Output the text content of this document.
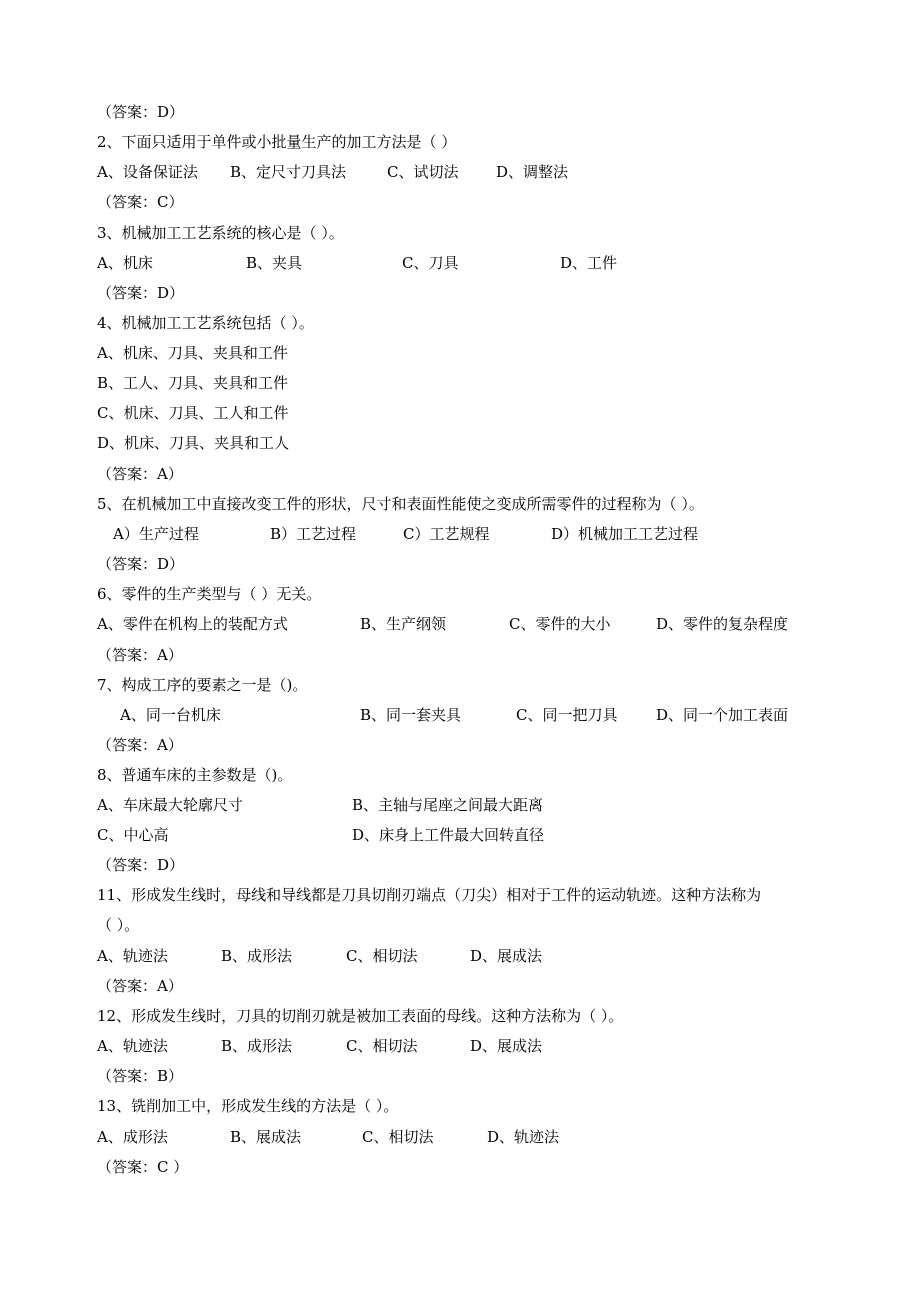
（答案：D）
2、下面只适用于单件或小批量生产的加工方法是（ ）
A、设备保证法 B、定尺寸刀具法	C、试切法	D、调整法
（答案：C）
3、机械加工工艺系统的核心是（ ）。
A、机床	B、夹具	C、刀具	D、工件
（答案：D）
4、机械加工工艺系统包括（ ）。
A、机床、刀具、夹具和工件
B、工人、刀具、夹具和工件
C、机床、刀具、工人和工件
D、机床、刀具、夹具和工人
（答案：A）
5、在机械加工中直接改变工件的形状，尺寸和表面性能使之变成所需零件的过程称为（ ）。
A）生产过程	B）工艺过程	C）工艺规程	D）机械加工工艺过程
（答案：D）
6、零件的生产类型与（ ）无关。
A、零件在机构上的装配方式	B、生产纲领	C、零件的大小	D、零件的复杂程度
（答案：A）
7、构成工序的要素之一是（)。
A、同一台机床	B、同一套夹具	C、同一把刀具	D、同一个加工表面
（答案：A）
8、普通车床的主参数是（)。
A、车床最大轮廓尺寸	B、主轴与尾座之间最大距离
C、中心高	D、床身上工件最大回转直径
（答案：D）
11、形成发生线时，母线和导线都是刀具切削刃端点（刀尖）相对于工件的运动轨迹。这种方法称为
（ ）。
A、轨迹法	B、成形法	C、相切法	D、展成法
（答案：A）
12、形成发生线时，刀具的切削刃就是被加工表面的母线。这种方法称为（ ）。
A、轨迹法	B、成形法	C、相切法	D、展成法
（答案：B）
13、铣削加工中，形成发生线的方法是（ ）。
A、成形法	B、展成法	C、相切法	D、轨迹法
（答案：C ）
